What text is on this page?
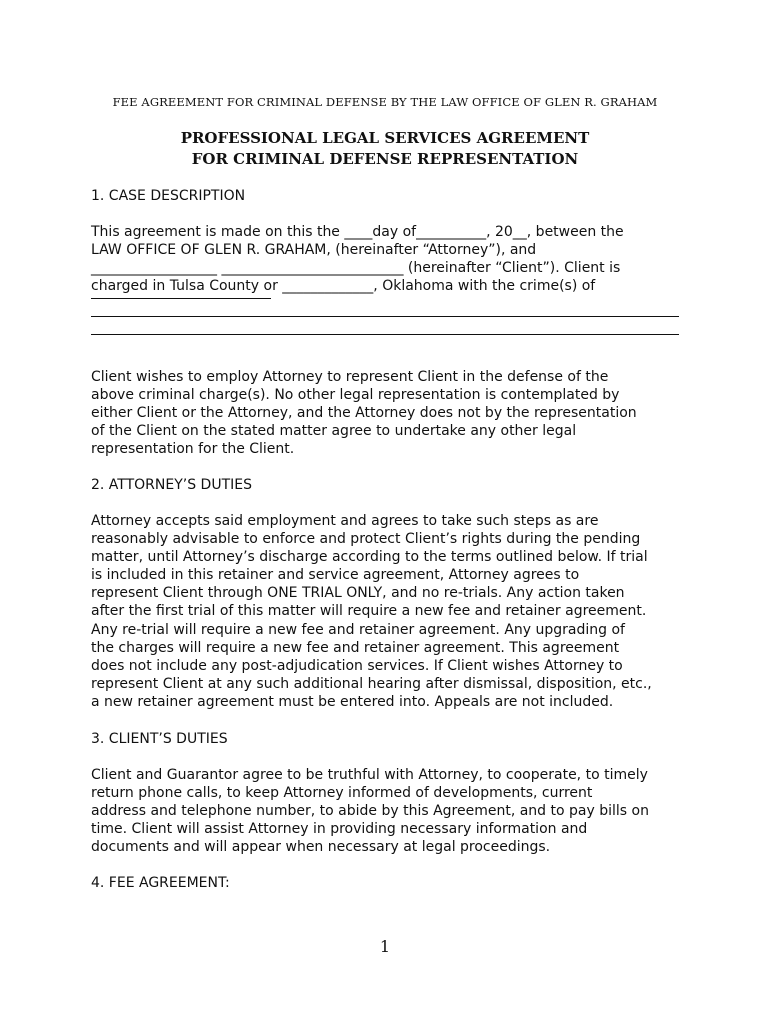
FEE AGREEMENT FOR CRIMINAL DEFENSE BY THE LAW OFFICE OF GLEN R. GRAHAM
PROFESSIONAL LEGAL SERVICES AGREEMENT
FOR CRIMINAL DEFENSE REPRESENTATION
1. CASE DESCRIPTION
This agreement is made on this the ____day of__________, 20__, between the
LAW OFFICE OF GLEN R. GRAHAM, (hereinafter “Attorney”), and
__________________ __________________________ (hereinafter “Client”). Client is
charged in Tulsa County or _____________, Oklahoma with the crime(s) of
Client wishes to employ Attorney to represent Client in the defense of the
above criminal charge(s). No other legal representation is contemplated by
either Client or the Attorney, and the Attorney does not by the representation
of the Client on the stated matter agree to undertake any other legal
representation for the Client.
2. ATTORNEY’S DUTIES
Attorney accepts said employment and agrees to take such steps as are
reasonably advisable to enforce and protect Client’s rights during the pending
matter, until Attorney’s discharge according to the terms outlined below. If trial
is included in this retainer and service agreement, Attorney agrees to
represent Client through ONE TRIAL ONLY, and no re-trials. Any action taken
after the first trial of this matter will require a new fee and retainer agreement.
Any re-trial will require a new fee and retainer agreement. Any upgrading of
the charges will require a new fee and retainer agreement. This agreement
does not include any post-adjudication services. If Client wishes Attorney to
represent Client at any such additional hearing after dismissal, disposition, etc.,
a new retainer agreement must be entered into. Appeals are not included.
3. CLIENT’S DUTIES
Client and Guarantor agree to be truthful with Attorney, to cooperate, to timely
return phone calls, to keep Attorney informed of developments, current
address and telephone number, to abide by this Agreement, and to pay bills on
time. Client will assist Attorney in providing necessary information and
documents and will appear when necessary at legal proceedings.
4. FEE AGREEMENT:
1
